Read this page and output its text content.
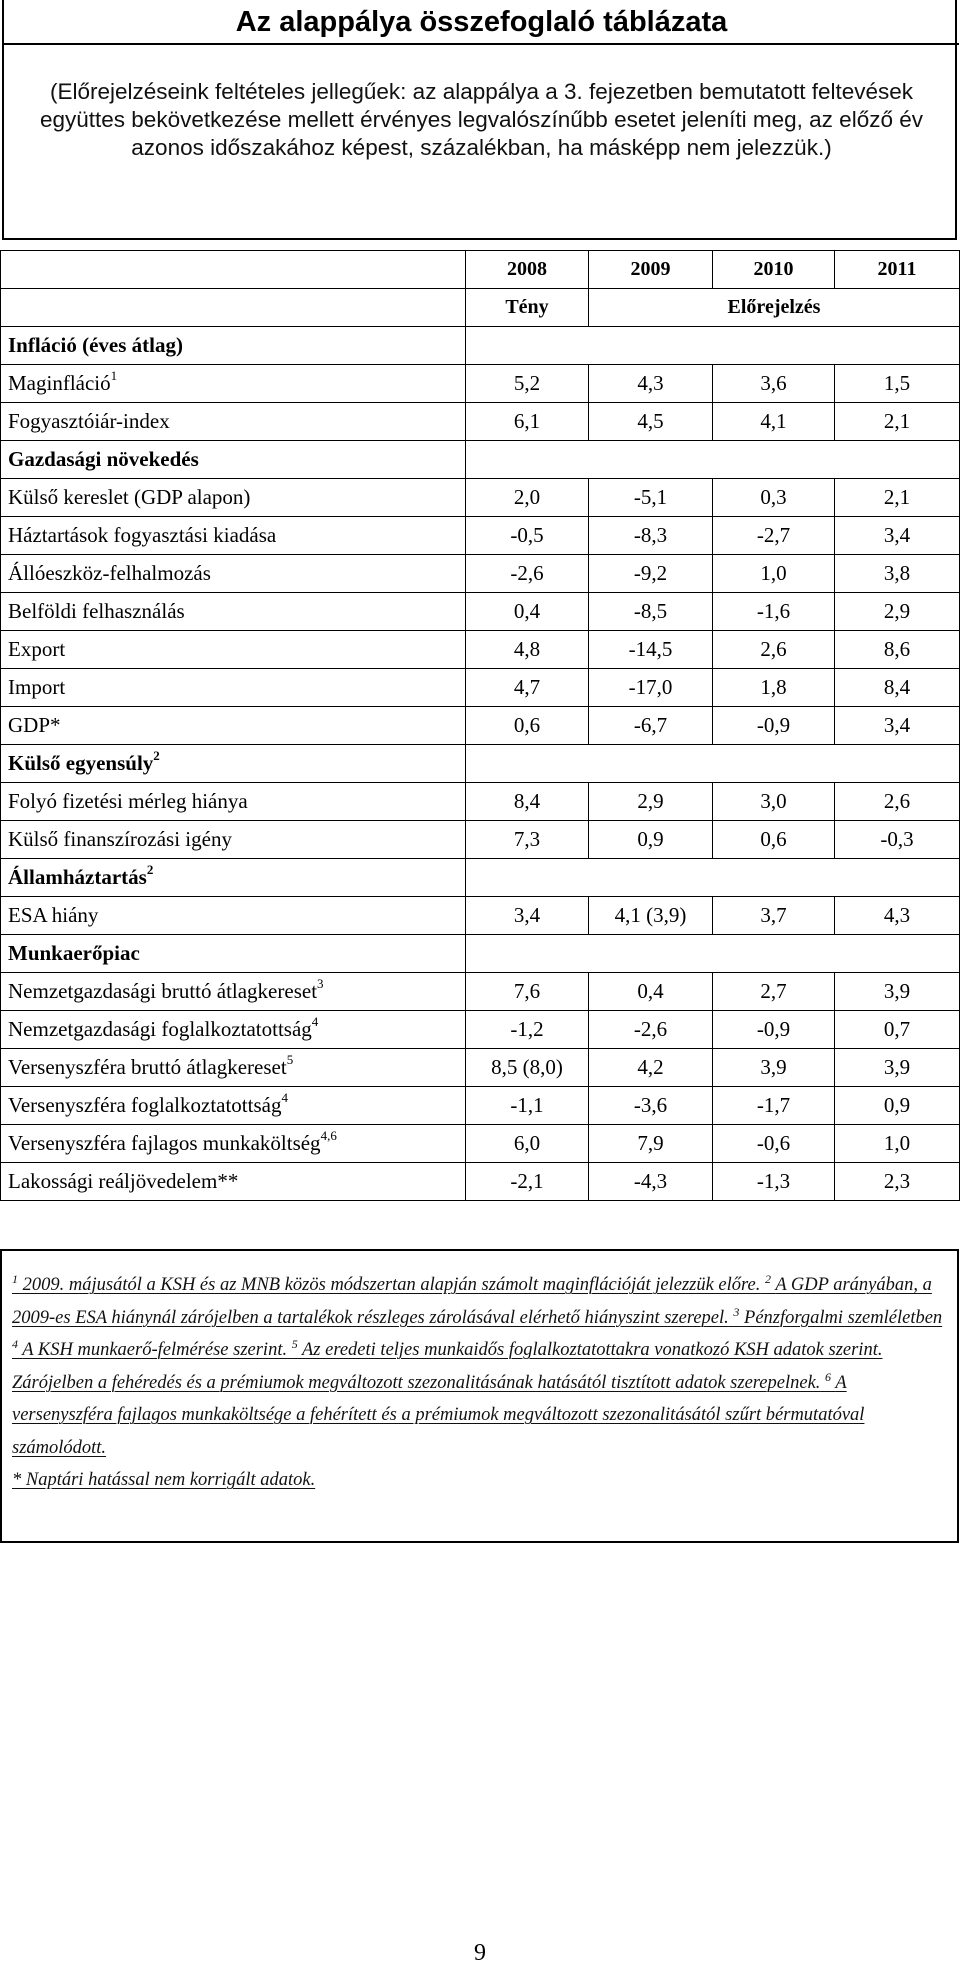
Az alappálya összefoglaló táblázata
(Előrejelzéseink feltételes jellegűek: az alappálya a 3. fejezetben bemutatott feltevések együttes bekövetkezése mellett érvényes legvalószínűbb esetet jeleníti meg, az előző év azonos időszakához képest, százalékban, ha másképp nem jelezzük.)
	2008	2009	2010	2011
	Tény	Előrejelzés		
Infláció (éves átlag)				
Maginfláció$^1$	5,2	4,3	3,6	1,5
Fogyasztóiár-index	6,1	4,5	4,1	2,1
Gazdasági növekedés				
Külső kereslet (GDP alapon)	2,0	-5,1	0,3	2,1
Háztartások fogyasztási kiadása	-0,5	-8,3	-2,7	3,4
Állóeszköz-felhalmozás	-2,6	-9,2	1,0	3,8
Belföldi felhasználás	0,4	-8,5	-1,6	2,9
Export	4,8	-14,5	2,6	8,6
Import	4,7	-17,0	1,8	8,4
GDP*	0,6	-6,7	-0,9	3,4
Külső egyensúly$^2$	
Folyó fizetési mérleg hiánya	8,4	2,9	3,0	2,6
Külső finanszírozási igény	7,3	0,9	0,6	-0,3
Államháztartás$^2$	
ESA hiány	3,4	4,1 (3,9)	3,7	4,3
Munkaerőpiac				
Nemzetgazdasági bruttó átlagkereset$^3$	7,6	0,4	2,7	3,9
Nemzetgazdasági foglalkoztatottság$^4$	-1,2	-2,6	-0,9	0,7
Versenyszféra bruttó átlagkereset$^5$	8,5 (8,0)	4,2	3,9	3,9
Versenyszféra foglalkoztatottság$^4$	-1,1	-3,6	-1,7	0,9
Versenyszféra fajlagos munkaköltség$^{4,6}$	6,0	7,9	-0,6	1,0
Lakossági reáljövedelem**	-2,1	-4,3	-1,3	2,3
$^1$ 2009. májusától a KSH és az MNB közös módszertan alapján számolt maginflációját jelezzük előre. $^2$ A GDP arányában, a 2009-es ESA hiánynál zárójelben a tartalékok részleges zárolásával elérhető hiányszint szerepel. $^3$ Pénzforgalmi szemléletben $^4$ A KSH munkaerő-felmérése szerint. $^5$ Az eredeti teljes munkaidős foglalkoztatottakra vonatkozó KSH adatok szerint. Zárójelben a fehéredés és a prémiumok megváltozott szezonalitásának hatásától tisztított adatok szerepelnek. $^6$ A versenyszféra fajlagos munkaköltsége a fehérített és a prémiumok megváltozott szezonalitásától szűrt bérmutatóval számolódott.
* Naptári hatással nem korrigált adatok.
9
